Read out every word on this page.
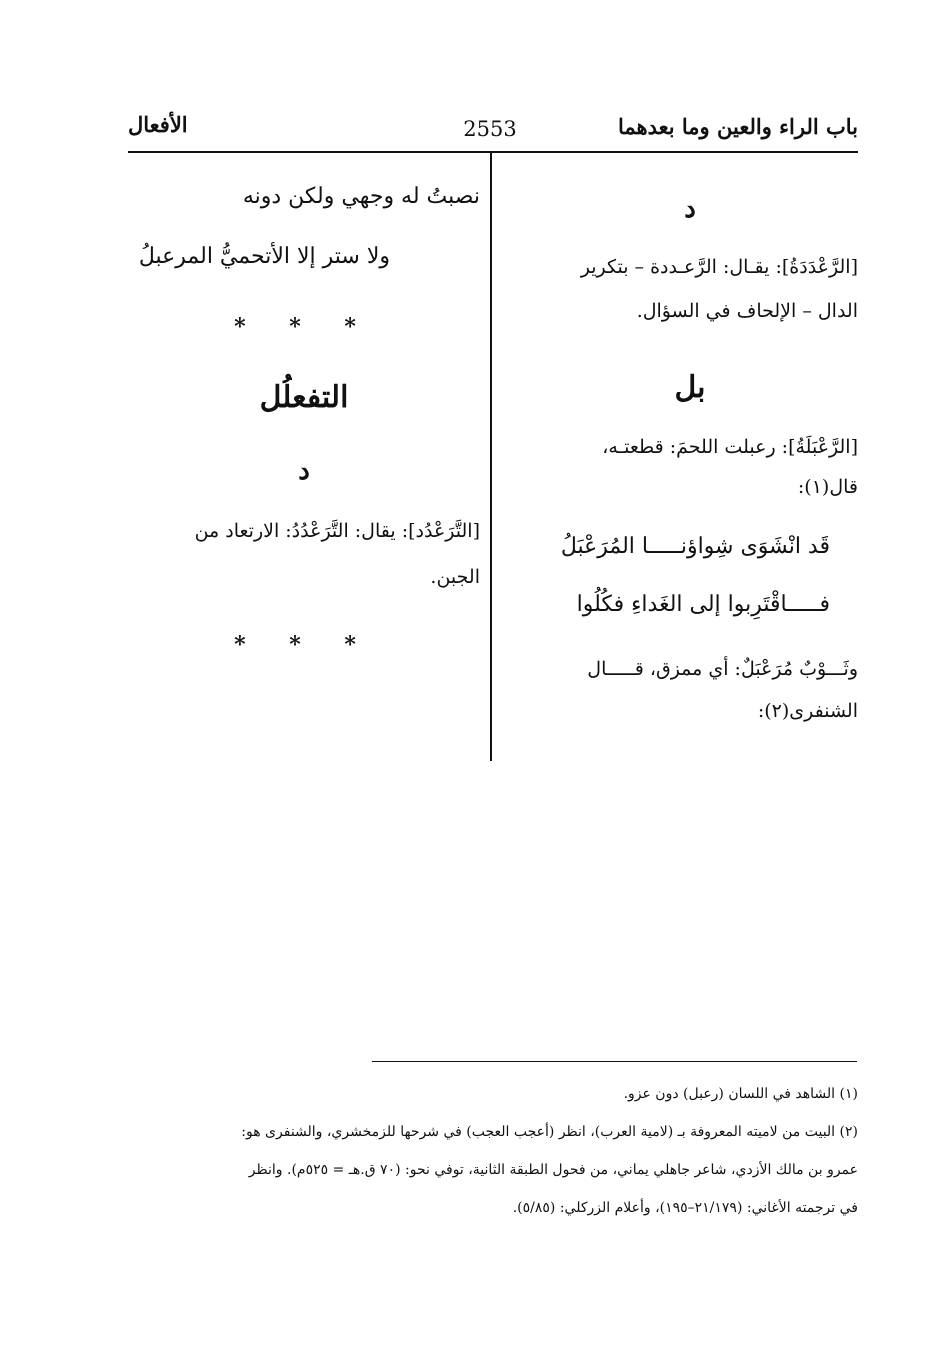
باب الراء والعين وما بعدهما
2553
الأفعال
د
[الرَّعْدَدَةُ]: يقـال: الرَّعـددة – بتكرير
الدال – الإلحاف في السؤال.
بل
[الرَّعْبَلَةُ]: رعبلت اللحمَ: قطعتـه،
قال(١):
قَد انْشَوَى شِواؤنـــــا المُرَعْبَلُ
فـــــاقْتَرِبوا إلى الغَداءِ فكُلُوا
وثَـــوْبٌ مُرَعْبَلٌ: أي ممزق، قـــــال
الشنفرى(٢):
نصبتُ له وجهي ولكن دونه
ولا ستر إلا الأتحميُّ المرعبلُ
* * *
التفعلُل
د
[التَّرَعْدُد]: يقال: التَّرَعْدُدُ: الارتعاد من
الجبن.
* * *
(١) الشاهد في اللسان (رعبل) دون عزو.
(٢) البيت من لاميته المعروفة بـ (لامية العرب)، انظر (أعجب العجب) في شرحها للزمخشري، والشنفرى هو:
عمرو بن مالك الأزدي، شاعر جاهلي يماني، من فحول الطبقة الثانية، توفي نحو: (٧٠ ق.هـ = ٥٢٥م). وانظر
في ترجمته الأغاني: (٢١/١٧٩–١٩٥)، وأعلام الزركلي: (٥/٨٥).
